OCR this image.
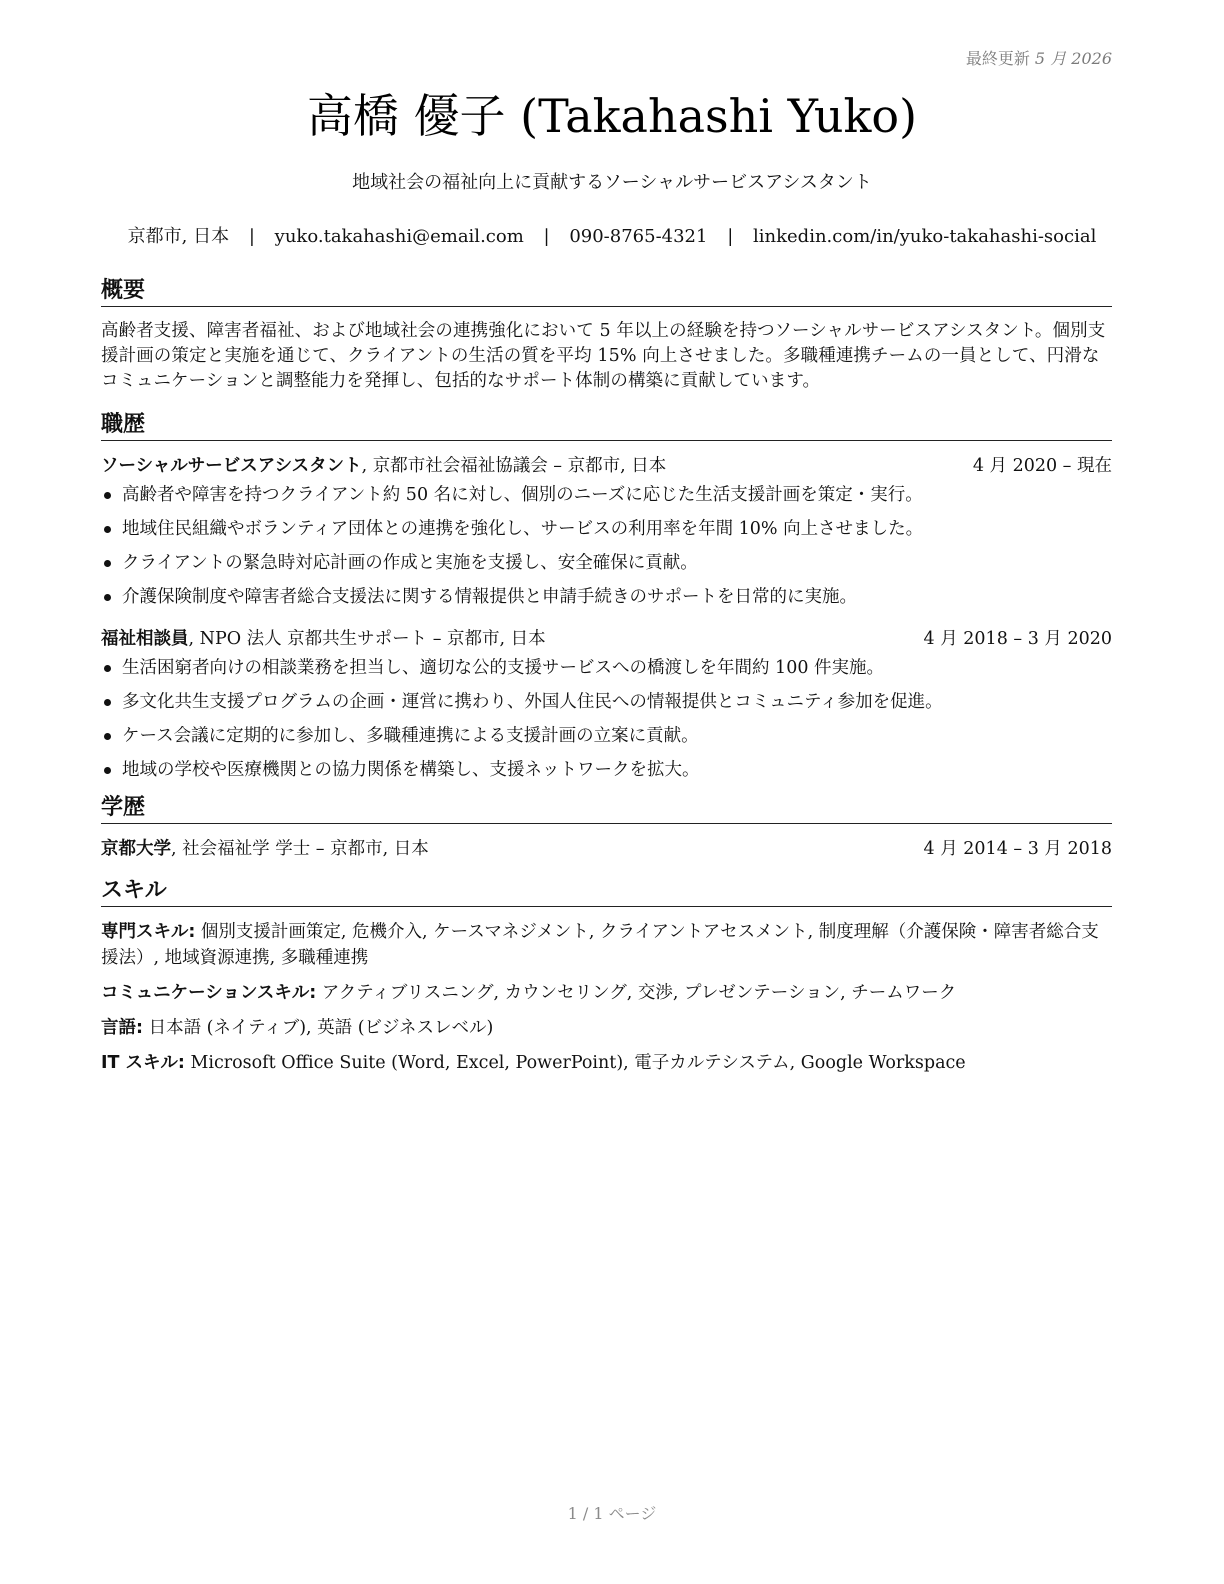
最終更新 5 月 2026
高橋 優子 (Takahashi Yuko)
地域社会の福祉向上に貢献するソーシャルサービスアシスタント
京都市, 日本 | yuko.takahashi@email.com | 090-8765-4321 | linkedin.com/in/yuko-takahashi-social
概要

高齢者支援、障害者福祉、および地域社会の連携強化において 5 年以上の経験を持つソーシャルサービスアシスタント。個別支援計画の策定と実施を通じて、クライアントの生活の質を平均 15% 向上させました。多職種連携チームの一員として、円滑なコミュニケーションと調整能力を発揮し、包括的なサポート体制の構築に貢献しています。

職歴
ソーシャルサービスアシスタント, 京都市社会福祉協議会 – 京都市, 日本	4 月 2020 – 現在
高齢者や障害を持つクライアント約 50 名に対し、個別のニーズに応じた生活支援計画を策定・実行。
地域住民組織やボランティア団体との連携を強化し、サービスの利用率を年間 10% 向上させました。
クライアントの緊急時対応計画の作成と実施を支援し、安全確保に貢献。
介護保険制度や障害者総合支援法に関する情報提供と申請手続きのサポートを日常的に実施。
福祉相談員, NPO 法人 京都共生サポート – 京都市, 日本	4 月 2018 – 3 月 2020
生活困窮者向けの相談業務を担当し、適切な公的支援サービスへの橋渡しを年間約 100 件実施。
多文化共生支援プログラムの企画・運営に携わり、外国人住民への情報提供とコミュニティ参加を促進。
ケース会議に定期的に参加し、多職種連携による支援計画の立案に貢献。
地域の学校や医療機関との協力関係を構築し、支援ネットワークを拡大。
学歴
京都大学, 社会福祉学 学士 – 京都市, 日本	4 月 2014 – 3 月 2018
スキル
専門スキル: 個別支援計画策定, 危機介入, ケースマネジメント, クライアントアセスメント, 制度理解（介護保険・障害者総合支援法）, 地域資源連携, 多職種連携
コミュニケーションスキル: アクティブリスニング, カウンセリング, 交渉, プレゼンテーション, チームワーク
言語: 日本語 (ネイティブ), 英語 (ビジネスレベル)
IT スキル: Microsoft Office Suite (Word, Excel, PowerPoint), 電子カルテシステム, Google Workspace
1 / 1 ページ
